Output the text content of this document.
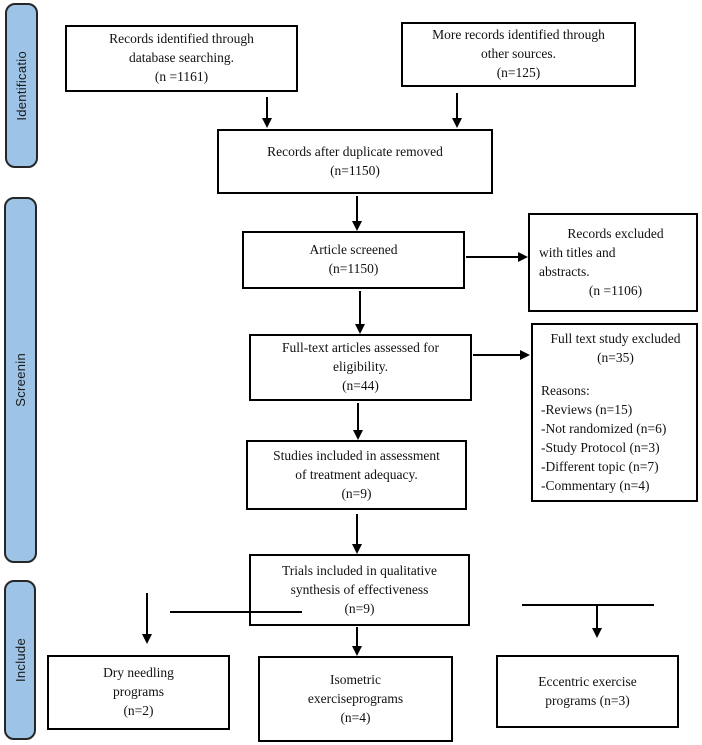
Identificatio
Screenin
Include
Records identified through
database searching.
(n =1161)
More records identified through
other sources.
(n=125)
Records after duplicate removed
(n=1150)
Article screened
(n=1150)
Records excluded
with titles and
abstracts.
(n =1106)
Full-text articles assessed for
eligibility.
(n=44)
Full text study excluded
(n=35)
Reasons:
-Reviews (n=15)
-Not randomized (n=6)
-Study Protocol (n=3)
-Different topic (n=7)
-Commentary (n=4)
Studies included in assessment
of treatment adequacy.
(n=9)
Trials included in qualitative
synthesis of effectiveness
(n=9)
Dry needling
programs
(n=2)
Isometric
exerciseprograms
(n=4)
Eccentric exercise
programs (n=3)
